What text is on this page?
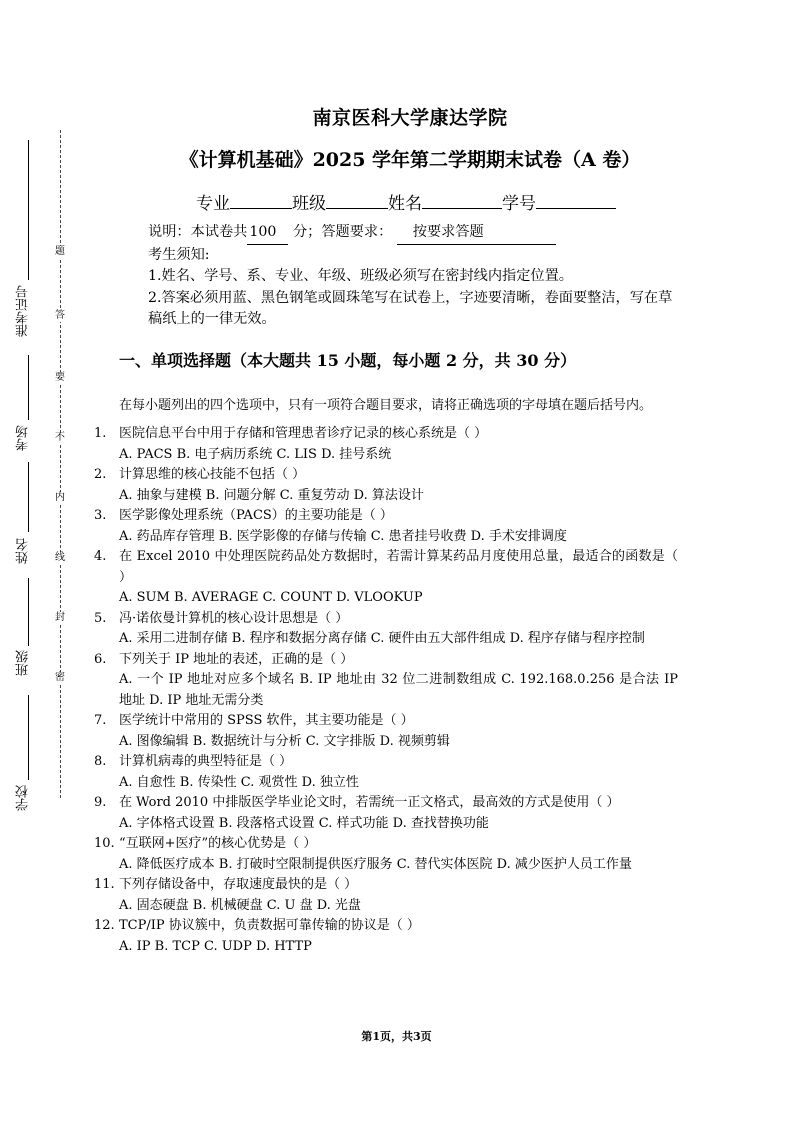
题
答
要
不
内
线
封
密
准考证号
考场
姓名
班级
学校
南京医科大学康达学院
《计算机基础》2025 学年第二学期期末试卷（A 卷）
专业	班级	姓名	学号

说明：本试卷共 100 分；答题要求： 按要求答题

考生须知:

1.姓名、学号、系、专业、年级、班级必须写在密封线内指定位置。

2.答案必须用蓝、黑色钢笔或圆珠笔写在试卷上，字迹要清晰，卷面要整洁，写在草稿纸上的一律无效。

一、单项选择题（本大题共 15 小题，每小题 2 分，共 30 分）
在每小题列出的四个选项中，只有一项符合题目要求，请将正确选项的字母填在题后括号内。
1. 医院信息平台中用于存储和管理患者诊疗记录的核心系统是（ ）
A. PACS B. 电子病历系统 C. LIS D. 挂号系统
2. 计算思维的核心技能不包括（ ）
A. 抽象与建模 B. 问题分解 C. 重复劳动 D. 算法设计
3. 医学影像处理系统（PACS）的主要功能是（ ）
A. 药品库存管理 B. 医学影像的存储与传输 C. 患者挂号收费 D. 手术安排调度
4. 在 Excel 2010 中处理医院药品处方数据时，若需计算某药品月度使用总量，最适合的函数是（ ）
A. SUM B. AVERAGE C. COUNT D. VLOOKUP
5. 冯·诺依曼计算机的核心设计思想是（ ）
A. 采用二进制存储 B. 程序和数据分离存储 C. 硬件由五大部件组成 D. 程序存储与程序控制
6. 下列关于 IP 地址的表述，正确的是（ ）
A. 一个 IP 地址对应多个域名 B. IP 地址由 32 位二进制数组成 C. 192.168.0.256 是合法 IP 地址 D. IP 地址无需分类
7. 医学统计中常用的 SPSS 软件，其主要功能是（ ）
A. 图像编辑 B. 数据统计与分析 C. 文字排版 D. 视频剪辑
8. 计算机病毒的典型特征是（ ）
A. 自愈性 B. 传染性 C. 观赏性 D. 独立性
9. 在 Word 2010 中排版医学毕业论文时，若需统一正文格式，最高效的方式是使用（ ）
A. 字体格式设置 B. 段落格式设置 C. 样式功能 D. 查找替换功能
10. “互联网+医疗”的核心优势是（ ）
A. 降低医疗成本 B. 打破时空限制提供医疗服务 C. 替代实体医院 D. 减少医护人员工作量
11. 下列存储设备中，存取速度最快的是（ ）
A. 固态硬盘 B. 机械硬盘 C. U 盘 D. 光盘
12. TCP/IP 协议簇中，负责数据可靠传输的协议是（ ）
A. IP B. TCP C. UDP D. HTTP
第1页，共3页
